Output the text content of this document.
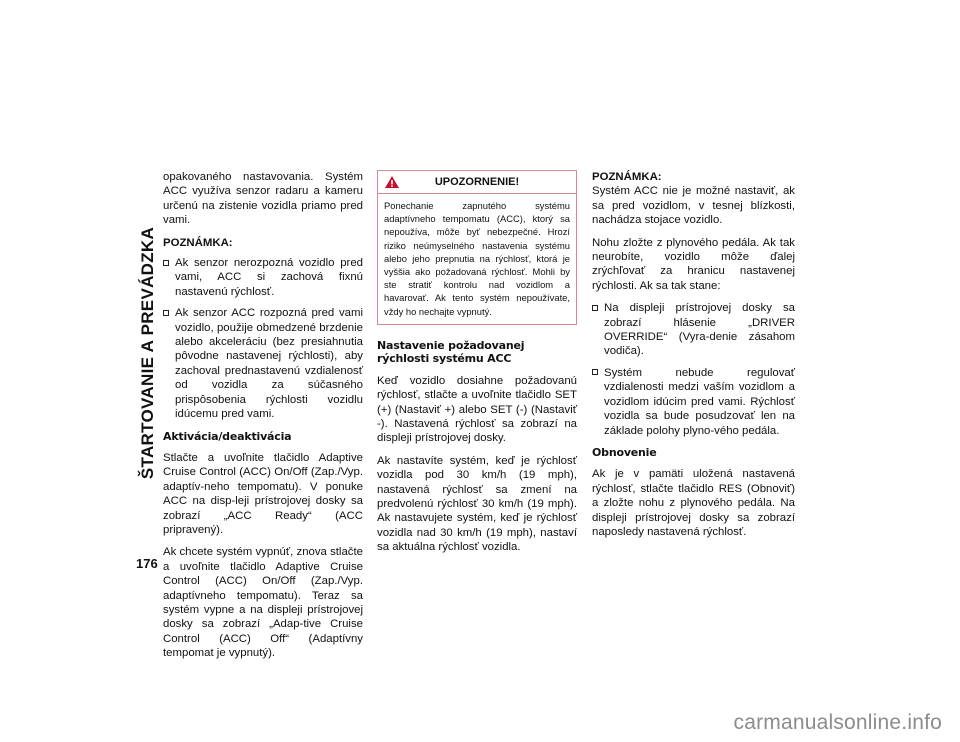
ŠTARTOVANIE A PREVÁDZKA
176

opakovaného nastavovania. Systém ACC využíva senzor radaru a kameru určenú na zistenie vozidla priamo pred vami.

POZNÁMKA:
Ak senzor nerozpozná vozidlo pred vami, ACC si zachová fixnú nastavenú rýchlosť.
Ak senzor ACC rozpozná pred vami vozidlo, použije obmedzené brzdenie alebo akceleráciu (bez presiahnutia pôvodne nastavenej rýchlosti), aby zachoval prednastavenú vzdialenosť od vozidla za súčasného prispôsobenia rýchlosti vozidlu idúcemu pred vami.
Aktivácia/deaktivácia

Stlačte a uvoľnite tlačidlo Adaptive Cruise Control (ACC) On/Off (Zap./Vyp. adaptív-neho tempomatu). V ponuke ACC na disp-leji prístrojovej dosky sa zobrazí „ACC Ready“ (ACC pripravený).

Ak chcete systém vypnúť, znova stlačte a uvoľnite tlačidlo Adaptive Cruise Control (ACC) On/Off (Zap./Vyp. adaptívneho tempomatu). Teraz sa systém vypne a na displeji prístrojovej dosky sa zobrazí „Adap-tive Cruise Control (ACC) Off“ (Adaptívny tempomat je vypnutý).

UPOZORNENIE!
Ponechanie zapnutého systému adaptívneho tempomatu (ACC), ktorý sa nepoužíva, môže byť nebezpečné. Hrozí riziko neúmyselného nastavenia systému alebo jeho prepnutia na rýchlosť, ktorá je vyššia ako požadovaná rýchlosť. Mohli by ste stratiť kontrolu nad vozidlom a havarovať. Ak tento systém nepoužívate, vždy ho nechajte vypnutý.
Nastavenie požadovanej rýchlosti systému ACC

Keď vozidlo dosiahne požadovanú rýchlosť, stlačte a uvoľnite tlačidlo SET (+) (Nastaviť +) alebo SET (-) (Nastaviť -). Nastavená rýchlosť sa zobrazí na displeji prístrojovej dosky.

Ak nastavíte systém, keď je rýchlosť vozidla pod 30 km/h (19 mph), nastavená rýchlosť sa zmení na predvolenú rýchlosť 30 km/h (19 mph). Ak nastavujete systém, keď je rýchlosť vozidla nad 30 km/h (19 mph), nastaví sa aktuálna rýchlosť vozidla.

POZNÁMKA:

Systém ACC nie je možné nastaviť, ak sa pred vozidlom, v tesnej blízkosti, nachádza stojace vozidlo.

Nohu zložte z plynového pedála. Ak tak neurobíte, vozidlo môže ďalej zrýchľovať za hranicu nastavenej rýchlosti. Ak sa tak stane:

Na displeji prístrojovej dosky sa zobrazí hlásenie „DRIVER OVERRIDE“ (Vyra-denie zásahom vodiča).
Systém nebude regulovať vzdialenosti medzi vaším vozidlom a vozidlom idúcim pred vami. Rýchlosť vozidla sa bude posudzovať len na základe polohy plyno-vého pedála.
Obnovenie

Ak je v pamäti uložená nastavená rýchlosť, stlačte tlačidlo RES (Obnoviť) a zložte nohu z plynového pedála. Na displeji prístrojovej dosky sa zobrazí naposledy nastavená rýchlosť.

carmanualsonline.info
